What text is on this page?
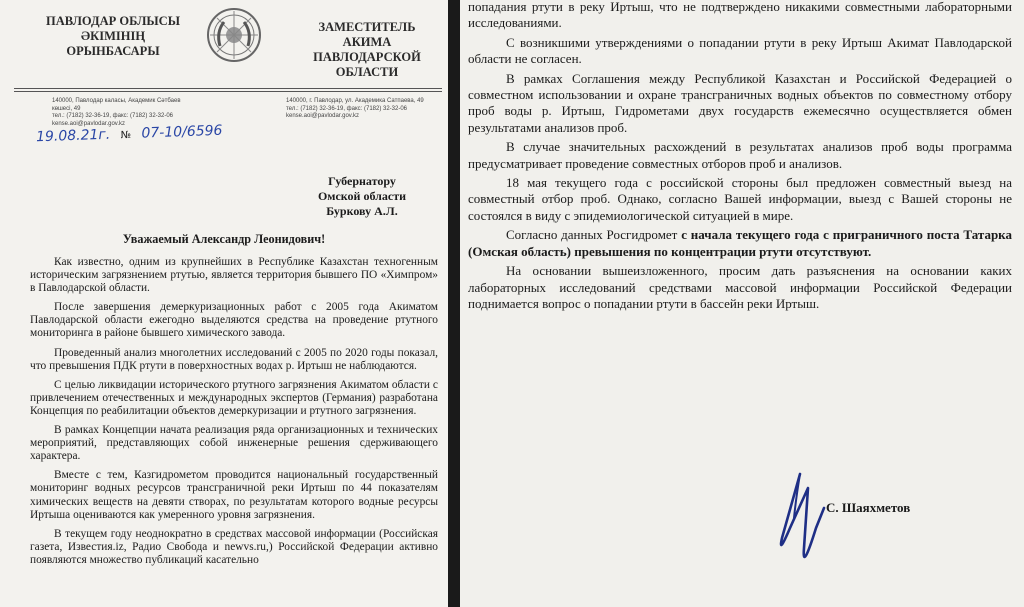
ПАВЛОДАР ОБЛЫСЫ
ӘКІМІНІҢ
ОРЫНБАСАРЫ
ЗАМЕСТИТЕЛЬ
АКИМА
ПАВЛОДАРСКОЙ ОБЛАСТИ
140000, Павлодар каласы, Академик Сәтбаев көшесі, 49
тел.: (7182) 32-36-19, факс: (7182) 32-32-06
kense.aoi@pavlodar.gov.kz
140000, г. Павлодар, ул. Академика Сатпаева, 49
тел.: (7182) 32-36-19, факс: (7182) 32-32-06
kense.aoi@pavlodar.gov.kz
19.08.21г. № 07-10/6596
Губернатору
Омской области
Буркову А.Л.
Уважаемый Александр Леонидович!

Как известно, одним из крупнейших в Республике Казахстан техногенным историческим загрязнением ртутью, является территория бывшего ПО «Химпром» в Павлодарской области.

После завершения демеркуризационных работ с 2005 года Акиматом Павлодарской области ежегодно выделяются средства на проведение ртутного мониторинга в районе бывшего химического завода.

Проведенный анализ многолетних исследований с 2005 по 2020 годы показал, что превышения ПДК ртути в поверхностных водах р. Иртыш не наблюдаются.

С целью ликвидации исторического ртутного загрязнения Акиматом области с привлечением отечественных и международных экспертов (Германия) разработана Концепция по реабилитации объектов демеркуризации и ртутного загрязнения.

В рамках Концепции начата реализация ряда организационных и технических мероприятий, представляющих собой инженерные решения сдерживающего характера.

Вместе с тем, Казгидрометом проводится национальный государственный мониторинг водных ресурсов трансграничной реки Иртыш по 44 показателям химических веществ на девяти створах, по результатам которого водные ресурсы Иртыша оцениваются как умеренного уровня загрязнения.

В текущем году неоднократно в средствах массовой информации (Российская газета, Известия.iz, Радио Свобода и newvs.ru,) Российской Федерации активно появляются множество публикаций касательно

попадания ртути в реку Иртыш, что не подтверждено никакими совместными лабораторными исследованиями.

С возникшими утверждениями о попадании ртути в реку Иртыш Акимат Павлодарской области не согласен.

В рамках Соглашения между Республикой Казахстан и Российской Федерацией о совместном использовании и охране трансграничных водных объектов по совместному отбору проб воды р. Иртыш, Гидрометами двух государств ежемесячно осуществляется обмен результатами анализов проб.

В случае значительных расхождений в результатах анализов проб воды программа предусматривает проведение совместных отборов проб и анализов.

18 мая текущего года с российской стороны был предложен совместный выезд на совместный отбор проб. Однако, согласно Вашей информации, выезд с Вашей стороны не состоялся в виду с эпидемиологической ситуацией в мире.

Согласно данных Росгидромет с начала текущего года с приграничного поста Татарка (Омская область) превышения по концентрации ртути отсутствуют.

На основании вышеизложенного, просим дать разъяснения на основании каких лабораторных исследований средствами массовой информации Российской Федерации поднимается вопрос о попадании ртути в бассейн реки Иртыш.

С. Шаяхметов
